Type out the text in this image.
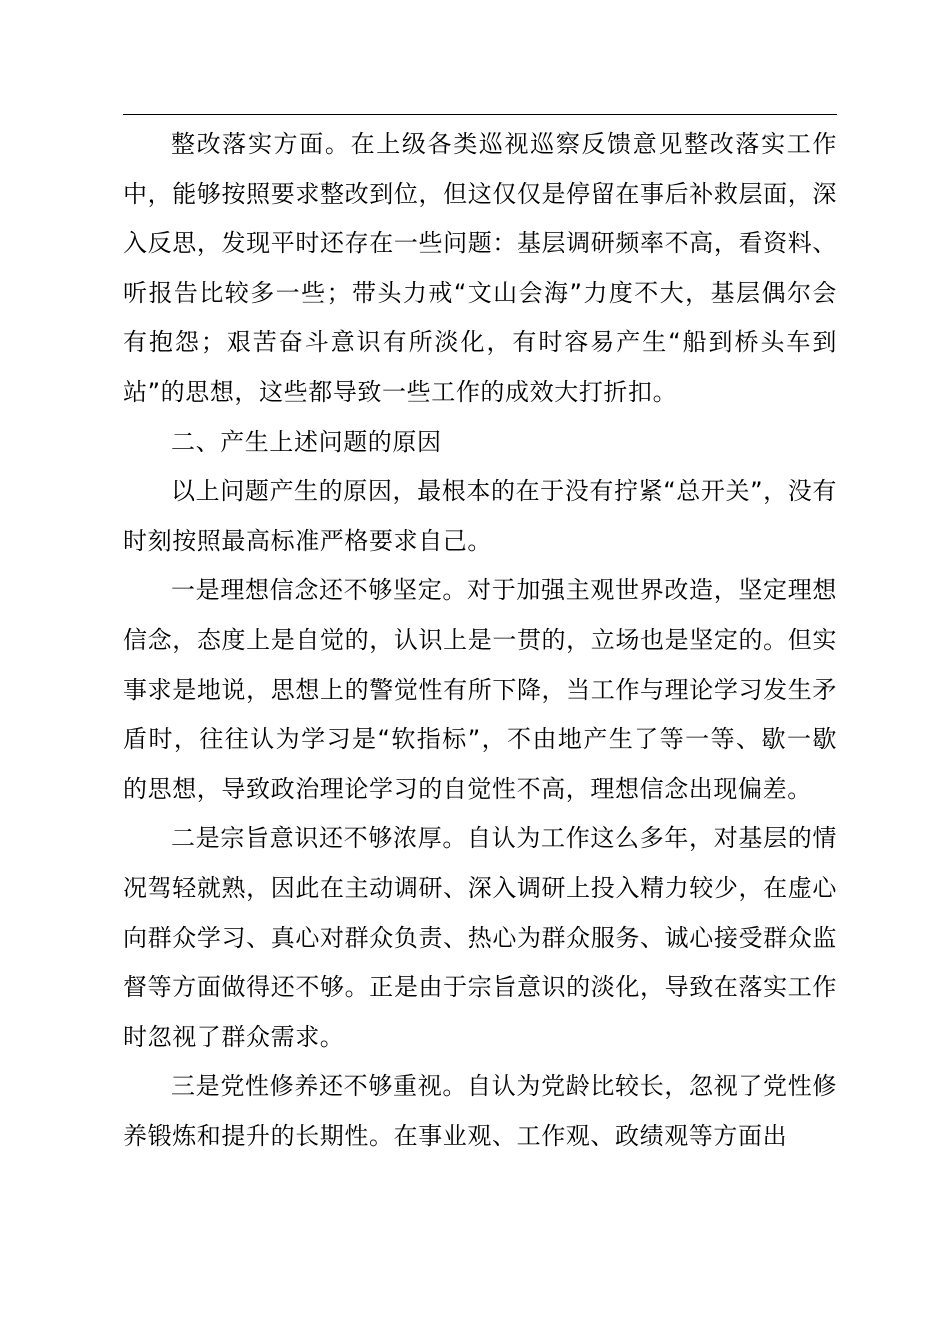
整改落实方面。在上级各类巡视巡察反馈意见整改落实工作中，能够按照要求整改到位，但这仅仅是停留在事后补救层面，深入反思，发现平时还存在一些问题：基层调研频率不高，看资料、听报告比较多一些；带头力戒“文山会海”力度不大，基层偶尔会有抱怨；艰苦奋斗意识有所淡化，有时容易产生“船到桥头车到站”的思想，这些都导致一些工作的成效大打折扣。

二、产生上述问题的原因

以上问题产生的原因，最根本的在于没有拧紧“总开关”，没有时刻按照最高标准严格要求自己。

一是理想信念还不够坚定。对于加强主观世界改造，坚定理想信念，态度上是自觉的，认识上是一贯的，立场也是坚定的。但实事求是地说，思想上的警觉性有所下降，当工作与理论学习发生矛盾时，往往认为学习是“软指标”，不由地产生了等一等、歇一歇的思想，导致政治理论学习的自觉性不高，理想信念出现偏差。

二是宗旨意识还不够浓厚。自认为工作这么多年，对基层的情况驾轻就熟，因此在主动调研、深入调研上投入精力较少，在虚心向群众学习、真心对群众负责、热心为群众服务、诚心接受群众监督等方面做得还不够。正是由于宗旨意识的淡化，导致在落实工作时忽视了群众需求。

三是党性修养还不够重视。自认为党龄比较长，忽视了党性修养锻炼和提升的长期性。在事业观、工作观、政绩观等方面出
